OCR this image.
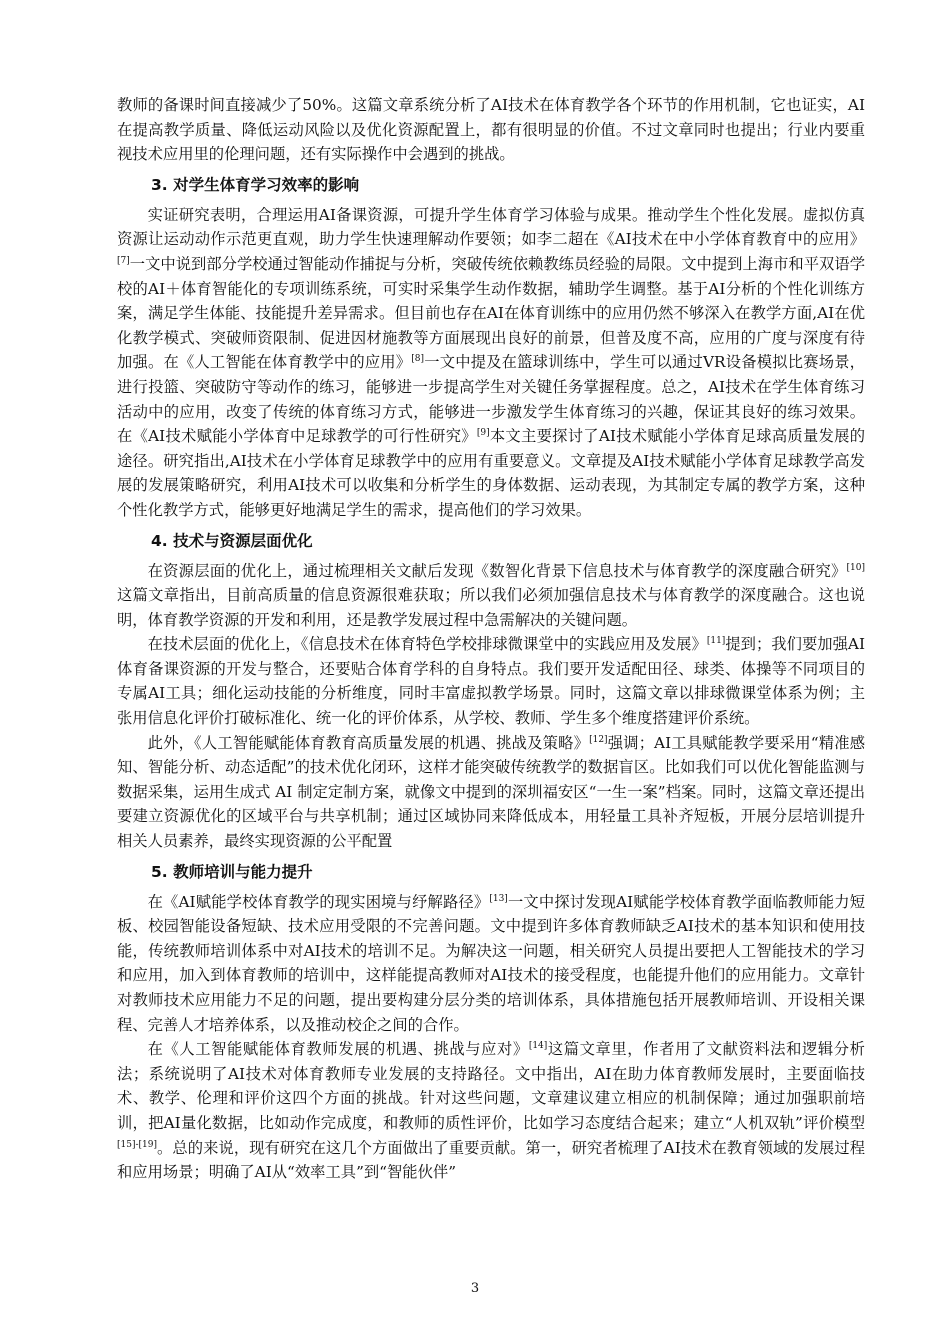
教师的备课时间直接减少了50%。这篇文章系统分析了AI技术在体育教学各个环节的作用机制，它也证实，AI在提高教学质量、降低运动风险以及优化资源配置上，都有很明显的价值。不过文章同时也提出；行业内要重视技术应用里的伦理问题，还有实际操作中会遇到的挑战。

3. 对学生体育学习效率的影响

实证研究表明，合理运用AI备课资源，可提升学生体育学习体验与成果。推动学生个性化发展。虚拟仿真资源让运动动作示范更直观，助力学生快速理解动作要领；如李二超在《AI技术在中小学体育教育中的应用》[7]一文中说到部分学校通过智能动作捕捉与分析，突破传统依赖教练员经验的局限。文中提到上海市和平双语学校的AI＋体育智能化的专项训练系统，可实时采集学生动作数据，辅助学生调整。基于AI分析的个性化训练方案，满足学生体能、技能提升差异需求。但目前也存在AI在体育训练中的应用仍然不够深入在教学方面,AI在优化教学模式、突破师资限制、促进因材施教等方面展现出良好的前景，但普及度不高，应用的广度与深度有待加强。在《人工智能在体育教学中的应用》[8]一文中提及在篮球训练中，学生可以通过VR设备模拟比赛场景，进行投篮、突破防守等动作的练习，能够进一步提高学生对关键任务掌握程度。总之，AI技术在学生体育练习活动中的应用，改变了传统的体育练习方式，能够进一步激发学生体育练习的兴趣，保证其良好的练习效果。在《AI技术赋能小学体育中足球教学的可行性研究》[9]本文主要探讨了AI技术赋能小学体育足球高质量发展的途径。研究指出,AI技术在小学体育足球教学中的应用有重要意义。文章提及AI技术赋能小学体育足球教学高发展的发展策略研究，利用AI技术可以收集和分析学生的身体数据、运动表现，为其制定专属的教学方案，这种个性化教学方式，能够更好地满足学生的需求，提高他们的学习效果。

4. 技术与资源层面优化

在资源层面的优化上，通过梳理相关文献后发现《数智化背景下信息技术与体育教学的深度融合研究》[10]这篇文章指出，目前高质量的信息资源很难获取；所以我们必须加强信息技术与体育教学的深度融合。这也说明，体育教学资源的开发和利用，还是教学发展过程中急需解决的关键问题。

在技术层面的优化上，《信息技术在体育特色学校排球微课堂中的实践应用及发展》[11]提到；我们要加强AI体育备课资源的开发与整合，还要贴合体育学科的自身特点。我们要开发适配田径、球类、体操等不同项目的专属AI工具；细化运动技能的分析维度，同时丰富虚拟教学场景。同时，这篇文章以排球微课堂体系为例；主张用信息化评价打破标准化、统一化的评价体系，从学校、教师、学生多个维度搭建评价系统。

此外，《人工智能赋能体育教育高质量发展的机遇、挑战及策略》[12]强调；AI工具赋能教学要采用“精准感知、智能分析、动态适配”的技术优化闭环，这样才能突破传统教学的数据盲区。比如我们可以优化智能监测与数据采集，运用生成式 AI 制定定制方案，就像文中提到的深圳福安区“一生一案”档案。同时，这篇文章还提出要建立资源优化的区域平台与共享机制；通过区域协同来降低成本，用轻量工具补齐短板，开展分层培训提升相关人员素养，最终实现资源的公平配置

5. 教师培训与能力提升

在《AI赋能学校体育教学的现实困境与纾解路径》[13]一文中探讨发现AI赋能学校体育教学面临教师能力短板、校园智能设备短缺、技术应用受限的不完善问题。文中提到许多体育教师缺乏AI技术的基本知识和使用技能，传统教师培训体系中对AI技术的培训不足。为解决这一问题，相关研究人员提出要把人工智能技术的学习和应用，加入到体育教师的培训中，这样能提高教师对AI技术的接受程度，也能提升他们的应用能力。文章针对教师技术应用能力不足的问题，提出要构建分层分类的培训体系，具体措施包括开展教师培训、开设相关课程、完善人才培养体系，以及推动校企之间的合作。

在《人工智能赋能体育教师发展的机遇、挑战与应对》[14]这篇文章里，作者用了文献资料法和逻辑分析法；系统说明了AI技术对体育教师专业发展的支持路径。文中指出，AI在助力体育教师发展时，主要面临技术、教学、伦理和评价这四个方面的挑战。针对这些问题，文章建议建立相应的机制保障；通过加强职前培训，把AI量化数据，比如动作完成度，和教师的质性评价，比如学习态度结合起来；建立“人机双轨”评价模型[15]-[19]。总的来说，现有研究在这几个方面做出了重要贡献。第一，研究者梳理了AI技术在教育领域的发展过程和应用场景；明确了AI从“效率工具”到“智能伙伴”

3
